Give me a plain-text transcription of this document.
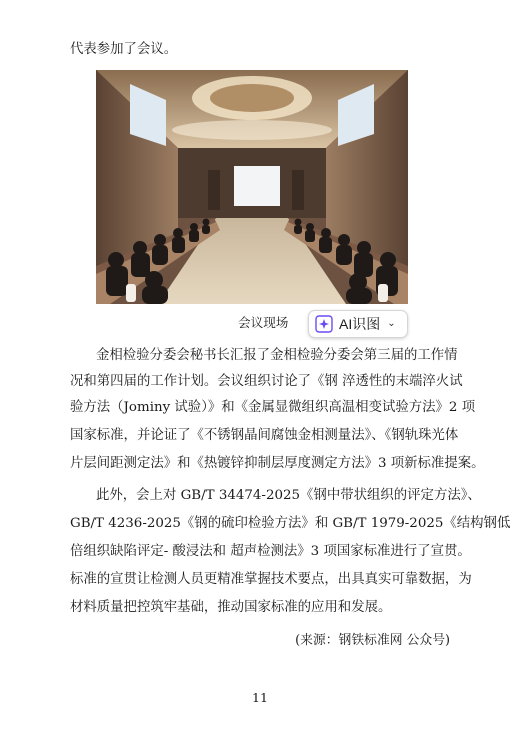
代表参加了会议。
会议现场	AI识图 ⌄
金相检验分委会秘书长汇报了金相检验分委会第三届的工作情
况和第四届的工作计划。会议组织讨论了《钢 淬透性的末端淬火试
验方法（Jominy 试验）》和《金属显微组织高温相变试验方法》2 项
国家标准，并论证了《不锈钢晶间腐蚀金相测量法》、《钢轨珠光体
片层间距测定法》和《热镀锌抑制层厚度测定方法》3 项新标准提案。
此外，会上对 GB/T 34474-2025《钢中带状组织的评定方法》、
GB/T 4236-2025《钢的硫印检验方法》和 GB/T 1979-2025《结构钢低
倍组织缺陷评定- 酸浸法和 超声检测法》3 项国家标准进行了宣贯。
标准的宣贯让检测人员更精准掌握技术要点，出具真实可靠数据，为
材料质量把控筑牢基础，推动国家标准的应用和发展。
(来源：钢铁标准网 公众号)
11
